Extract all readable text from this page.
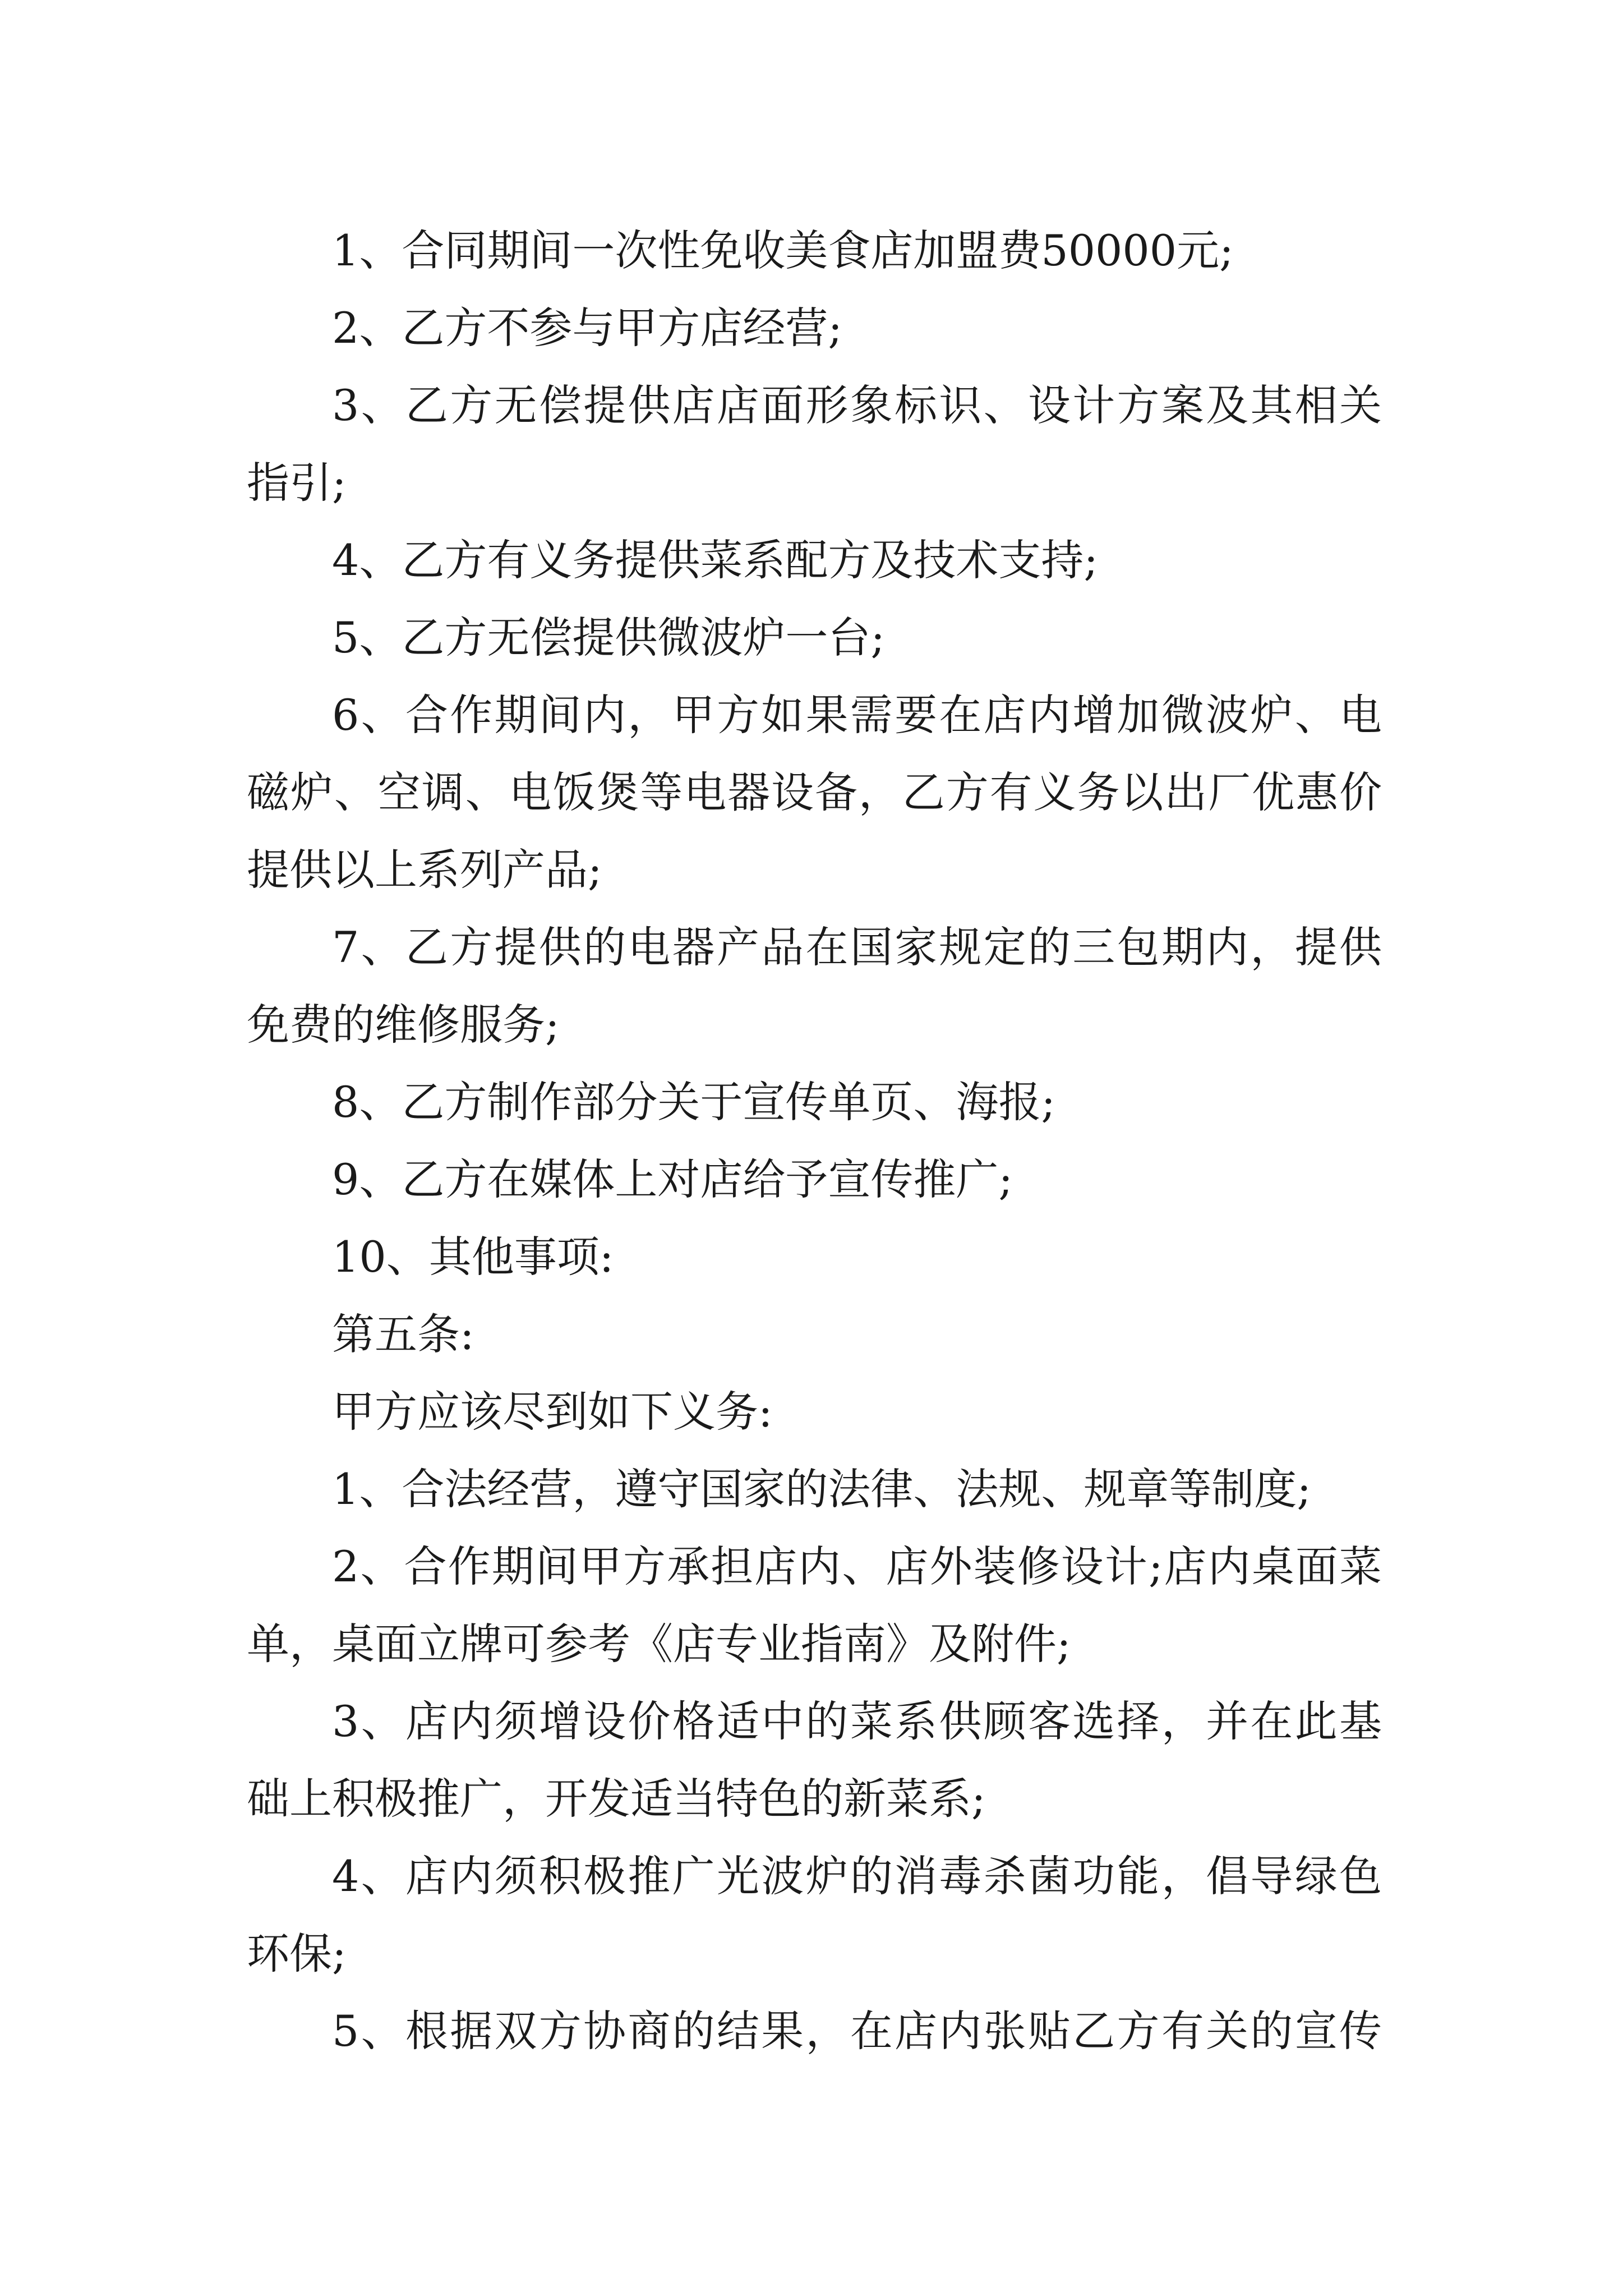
1、合同期间一次性免收美食店加盟费50000元;
2、乙方不参与甲方店经营;
3、乙方无偿提供店店面形象标识、设计方案及其相关
指引;
4、乙方有义务提供菜系配方及技术支持;
5、乙方无偿提供微波炉一台;
6、合作期间内，甲方如果需要在店内增加微波炉、电
磁炉、空调、电饭煲等电器设备，乙方有义务以出厂优惠价
提供以上系列产品;
7、乙方提供的电器产品在国家规定的三包期内，提供
免费的维修服务;
8、乙方制作部分关于宣传单页、海报;
9、乙方在媒体上对店给予宣传推广;
10、其他事项:
第五条:
甲方应该尽到如下义务:
1、合法经营，遵守国家的法律、法规、规章等制度;
2、合作期间甲方承担店内、店外装修设计;店内桌面菜
单，桌面立牌可参考《店专业指南》及附件;
3、店内须增设价格适中的菜系供顾客选择，并在此基
础上积极推广，开发适当特色的新菜系;
4、店内须积极推广光波炉的消毒杀菌功能，倡导绿色
环保;
5、根据双方协商的结果，在店内张贴乙方有关的宣传
